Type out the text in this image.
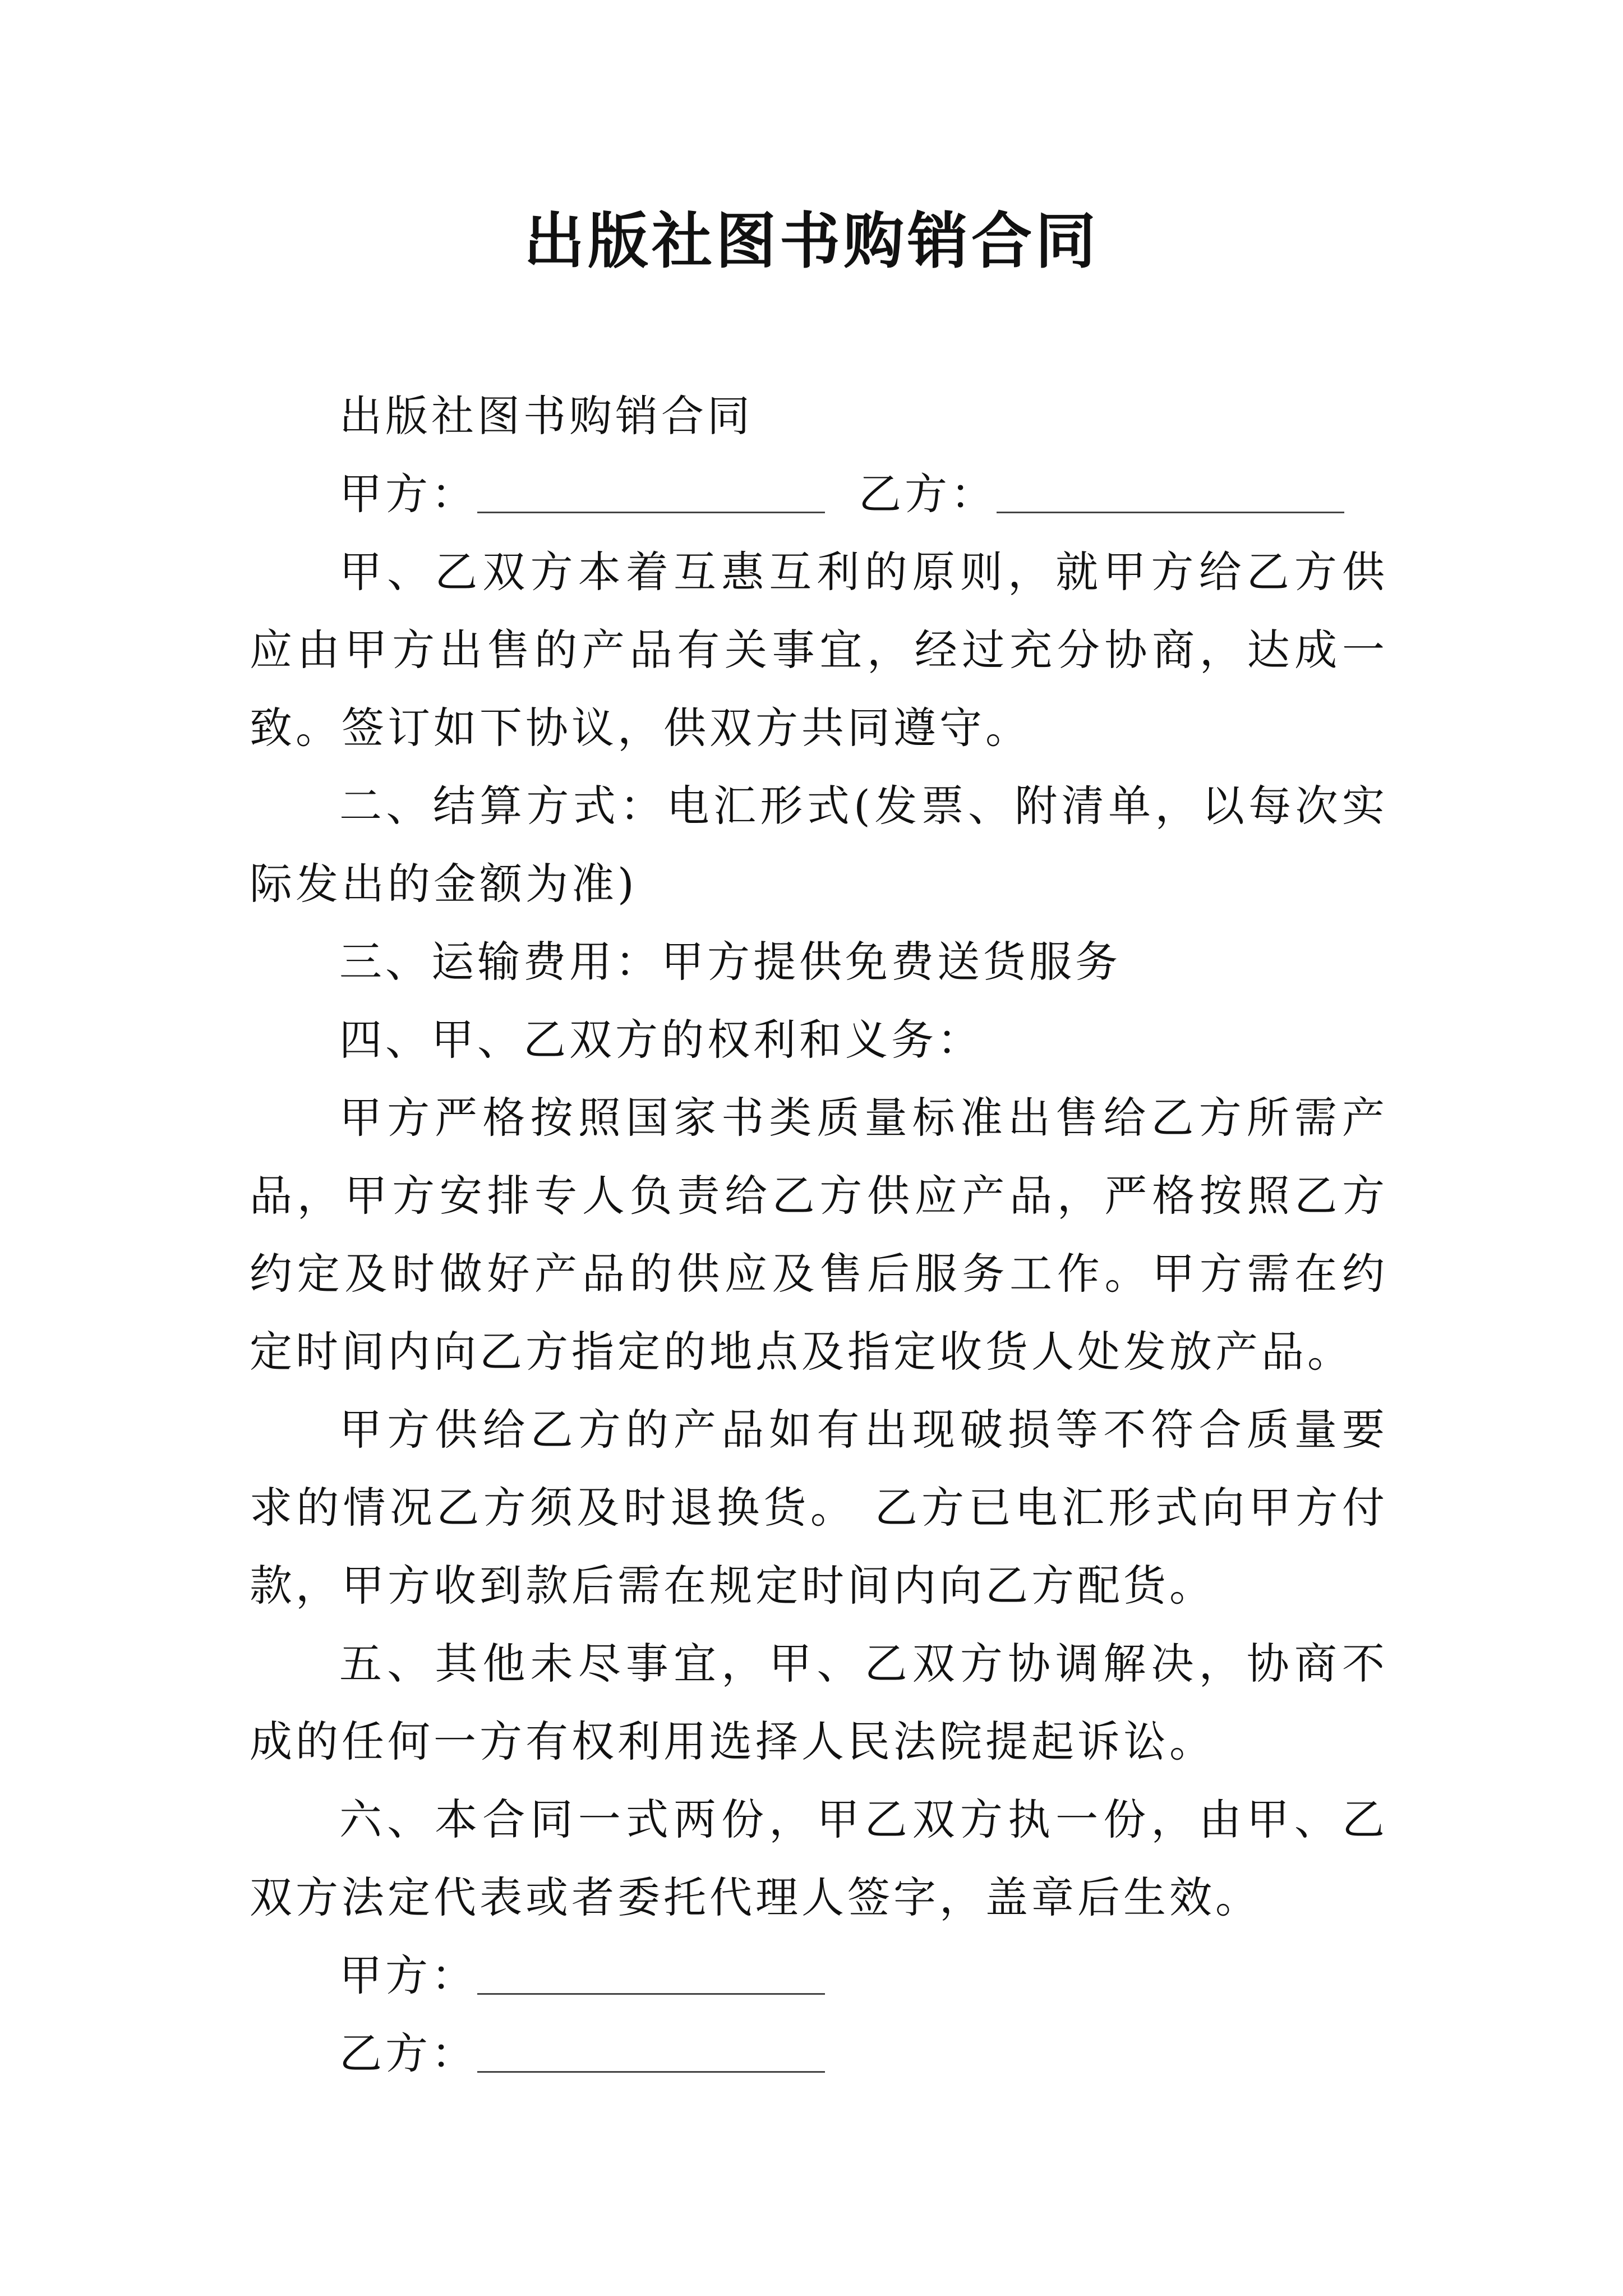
出版社图书购销合同

出版社图书购销合同

甲方：	乙方：

甲、乙双方本着互惠互利的原则，就甲方给乙方供应由甲方出售的产品有关事宜，经过充分协商，达成一致。签订如下协议，供双方共同遵守。

二、结算方式：电汇形式(发票、附清单，以每次实际发出的金额为准)

三、运输费用：甲方提供免费送货服务

四、甲、乙双方的权利和义务：

甲方严格按照国家书类质量标准出售给乙方所需产品，甲方安排专人负责给乙方供应产品，严格按照乙方约定及时做好产品的供应及售后服务工作。甲方需在约定时间内向乙方指定的地点及指定收货人处发放产品。

甲方供给乙方的产品如有出现破损等不符合质量要求的情况乙方须及时退换货。 乙方已电汇形式向甲方付款，甲方收到款后需在规定时间内向乙方配货。

五、其他未尽事宜，甲、乙双方协调解决，协商不成的任何一方有权利用选择人民法院提起诉讼。

六、本合同一式两份，甲乙双方执一份，由甲、乙双方法定代表或者委托代理人签字，盖章后生效。

甲方：
乙方：
